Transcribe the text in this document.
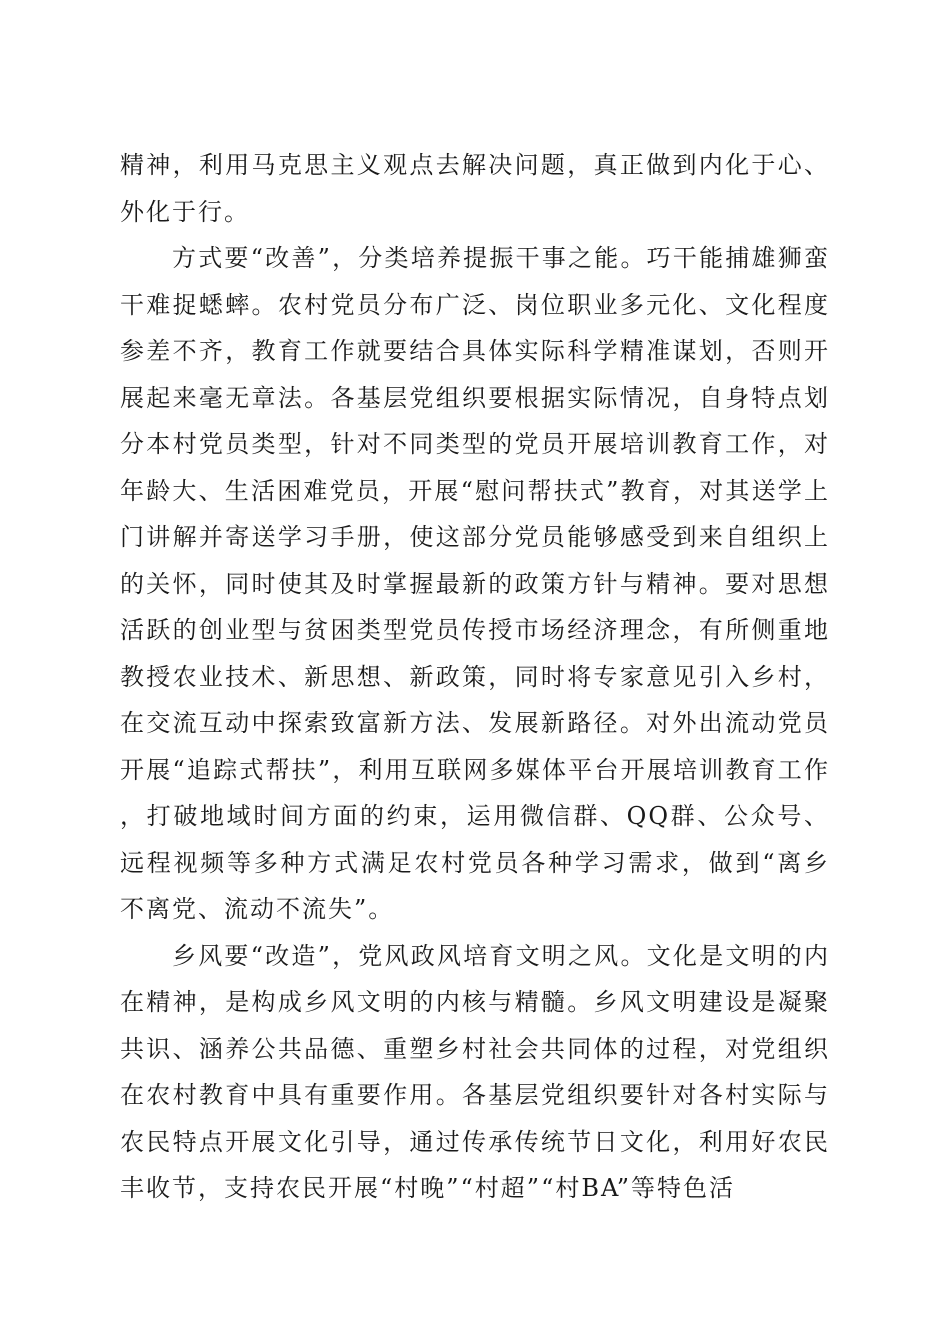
精神，利用马克思主义观点去解决问题，真正做到内化于心、外化于行。

方式要“改善”，分类培养提振干事之能。巧干能捕雄狮蛮干难捉蟋蟀。农村党员分布广泛、岗位职业多元化、文化程度参差不齐，教育工作就要结合具体实际科学精准谋划，否则开展起来毫无章法。各基层党组织要根据实际情况，自身特点划分本村党员类型，针对不同类型的党员开展培训教育工作，对年龄大、生活困难党员，开展“慰问帮扶式”教育，对其送学上门讲解并寄送学习手册，使这部分党员能够感受到来自组织上的关怀，同时使其及时掌握最新的政策方针与精神。要对思想活跃的创业型与贫困类型党员传授市场经济理念，有所侧重地教授农业技术、新思想、新政策，同时将专家意见引入乡村，在交流互动中探索致富新方法、发展新路径。对外出流动党员开展“追踪式帮扶”，利用互联网多媒体平台开展培训教育工作，打破地域时间方面的约束，运用微信群、QQ群、公众号、远程视频等多种方式满足农村党员各种学习需求，做到“离乡不离党、流动不流失”。

乡风要“改造”，党风政风培育文明之风。文化是文明的内在精神，是构成乡风文明的内核与精髓。乡风文明建设是凝聚共识、涵养公共品德、重塑乡村社会共同体的过程，对党组织在农村教育中具有重要作用。各基层党组织要针对各村实际与农民特点开展文化引导，通过传承传统节日文化，利用好农民丰收节，支持农民开展“村晚”“村超”“村BA”等特色活
